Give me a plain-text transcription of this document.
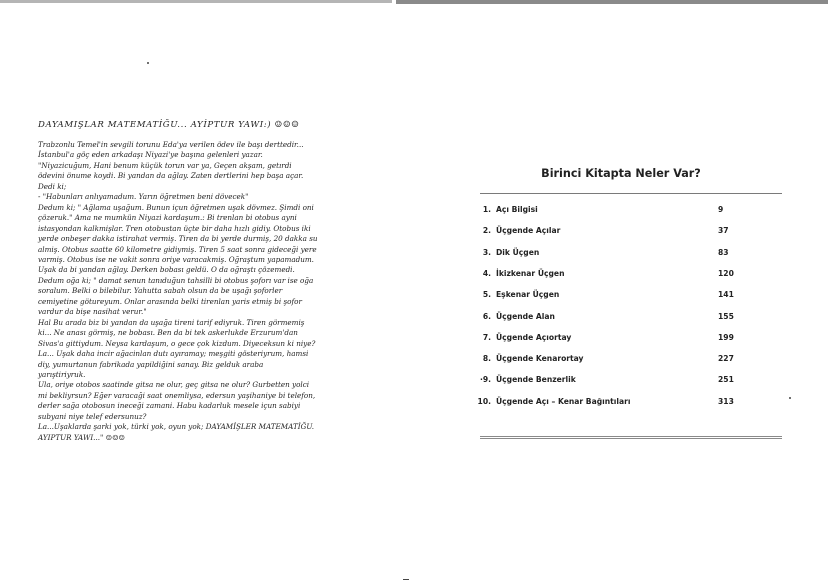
DAYAMIŞLAR MATEMATİĞU... AYİPTUR YAWI:) ☺☺☺
Trabzonlu Temel'in sevgili torunu Eda'ya verilen ödev ile başı derttedir...
İstanbul'a göç eden arkadaşı Niyazi'ye başına gelenleri yazar.
"Niyazicuğum, Hani benum küçük torun var ya, Geçen akşam, getırdi
ödevini önume koydi. Bi yandan da ağlay. Zaten dertlerini hep başa açar.
Dedi ki;
- "Habunları anlıyamadum. Yarın öğretmen beni dövecek"
Dedum ki; " Ağlama uşağum. Bunun içun öğretmen uşak dövmez. Şimdi oni
çözeruk." Ama ne mumkün Niyazi kardaşum.: Bi trenlan bi otobus ayni
istasyondan kalkmişlar. Tren otobustan üçte bir daha hızlı gidiy. Otobus iki
yerde onbeşer dakka istirahat vermiş. Tiren da bi yerde durmiş, 20 dakka su
almiş. Otobus saatte 60 kilometre gidiymiş. Tiren 5 saat sonra gideceği yere
varmiş. Otobus ise ne vakit sonra oriye varacakmiş. Oğraştum yapamadum.
Uşak da bi yandan ağlay. Derken bobası geldü. O da oğraştı çözemedi.
Dedum oğa ki; " damat senun tanıduğun tahsilli bi otobus şoforı var ise oğa
soralum. Belki o bilebilur. Yahutta sabah olsun da be uşağı şoforler
cemiyetine götureyum. Onlar arasında belki tirenlan yaris etmiş bi şofor
vardur da bişe nasihat verur."
Hal Bu arada biz bi yandan da uşağa tireni tarif ediyruk. Tiren görmemiş
ki... Ne anası görmiş, ne bobası. Ben da bi tek askerlukde Erzurum'dan
Sivas'a gittiydum. Neysa kardaşum, o gece çok kizdum. Diyeceksun ki niye?
La... Uşak daha incir ağacinlan dutı ayıramay; meşgiti gösteriyrum, hamsi
diy, yumurtanun fabrikada yapildiğini sanay. Biz gelduk araba
yarıştiriyruk.
Ula, oriye otobos saatinde gitsa ne olur, geç gitsa ne olur? Gurbetten yolci
mi bekliyrsun? Eğer varacaği saat onemliysa, edersun yaşihaniye bi telefon,
derler sağa otobosun ineceği zamani. Habu kadarluk mesele içun sabiyi
subyani niye telef edersunuz?
La...Uşaklarda şarki yok, türki yok, oyun yok; DAYAMİŞLER MATEMATİĞU.
AYIPTUR YAWI..." ☺☺☺
Birinci Kitapta Neler Var?
1. Açı Bilgisi	9
2. Üçgende Açılar	37
3. Dik Üçgen	83
4. İkizkenar Üçgen	120
5. Eşkenar Üçgen	141
6. Üçgende Alan	155
7. Üçgende Açıortay	199
8. Üçgende Kenarortay	227
·9. Üçgende Benzerlik	251
10. Üçgende Açı – Kenar Bağıntıları	313
